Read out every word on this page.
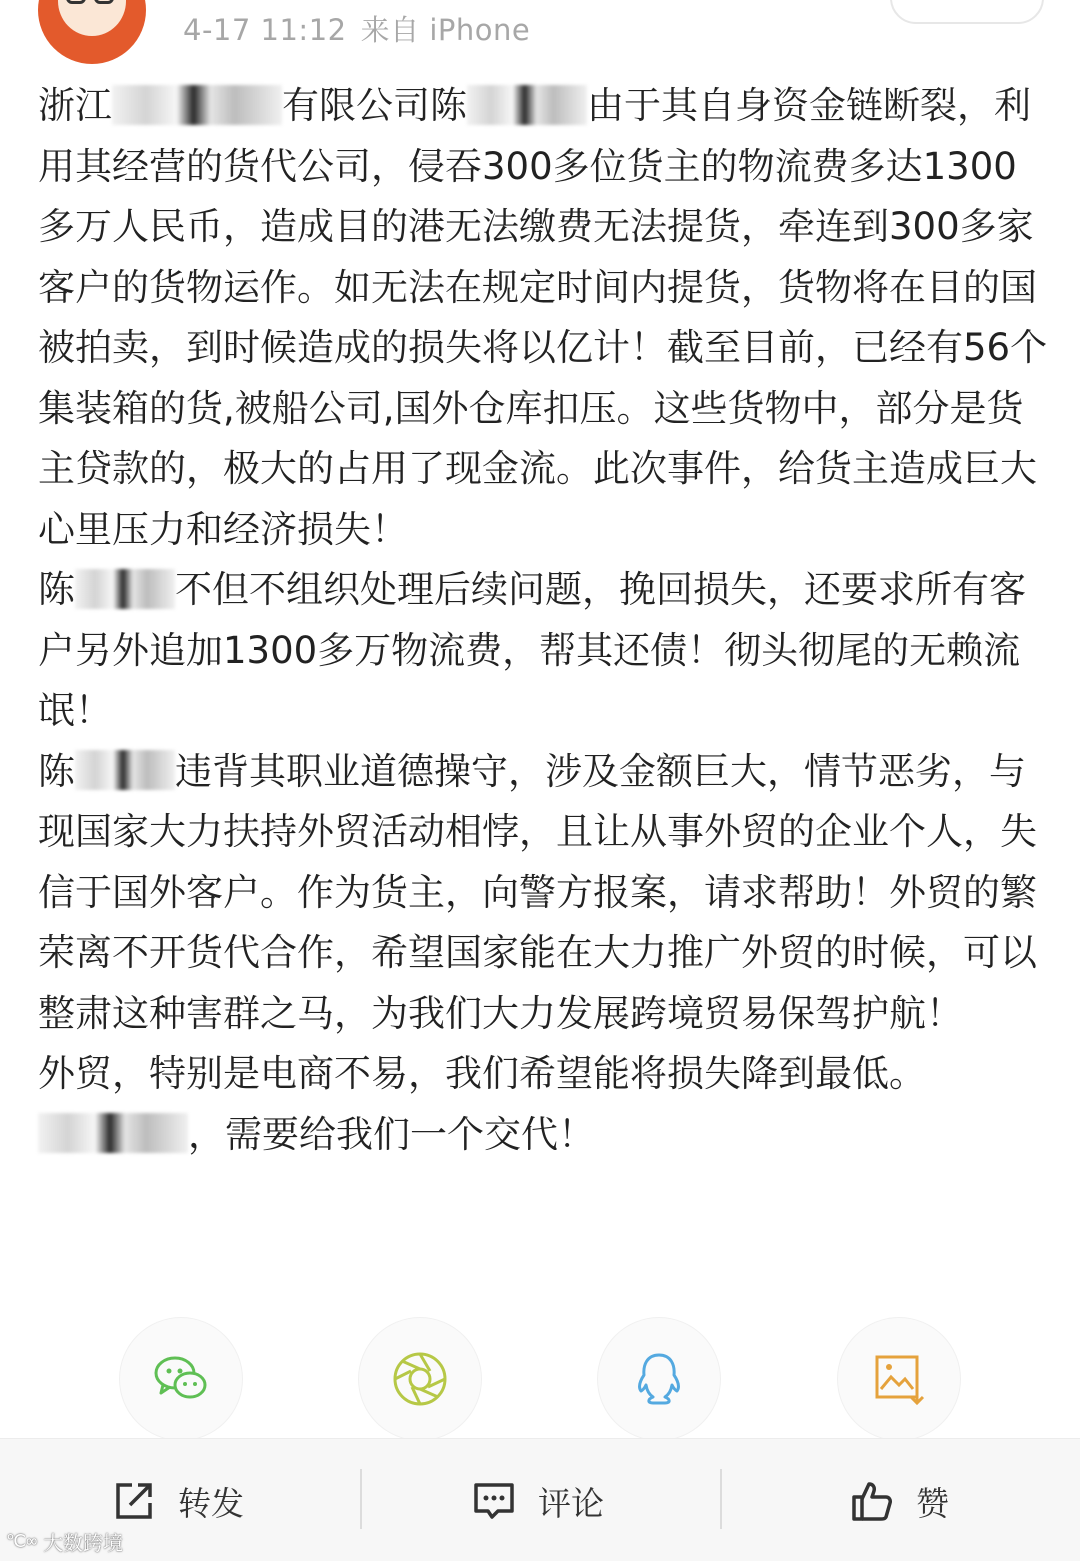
4-17 11:12 来自 iPhone

浙江	有限公司陈	由于其自身资金链断裂，利用其经营的货代公司，侵吞300多位货主的物流费多达1300多万人民币，造成目的港无法缴费无法提货，牵连到300多家客户的货物运作。如无法在规定时间内提货，货物将在目的国被拍卖，到时候造成的损失将以亿计！截至目前，已经有56个集装箱的货,被船公司,国外仓库扣压。这些货物中，部分是货主贷款的，极大的占用了现金流。此次事件，给货主造成巨大心里压力和经济损失！

陈	不但不组织处理后续问题，挽回损失，还要求所有客户另外追加1300多万物流费，帮其还债！彻头彻尾的无赖流氓！

陈	违背其职业道德操守，涉及金额巨大，情节恶劣，与现国家大力扶持外贸活动相悖，且让从事外贸的企业个人，失信于国外客户。作为货主，向警方报案，请求帮助！外贸的繁荣离不开货代合作，希望国家能在大力推广外贸的时候，可以整肃这种害群之马，为我们大力发展跨境贸易保驾护航！

外贸，特别是电商不易，我们希望能将损失降到最低。，需要给我们一个交代！

转发	评论	赞
℃∞ 大数跨境
